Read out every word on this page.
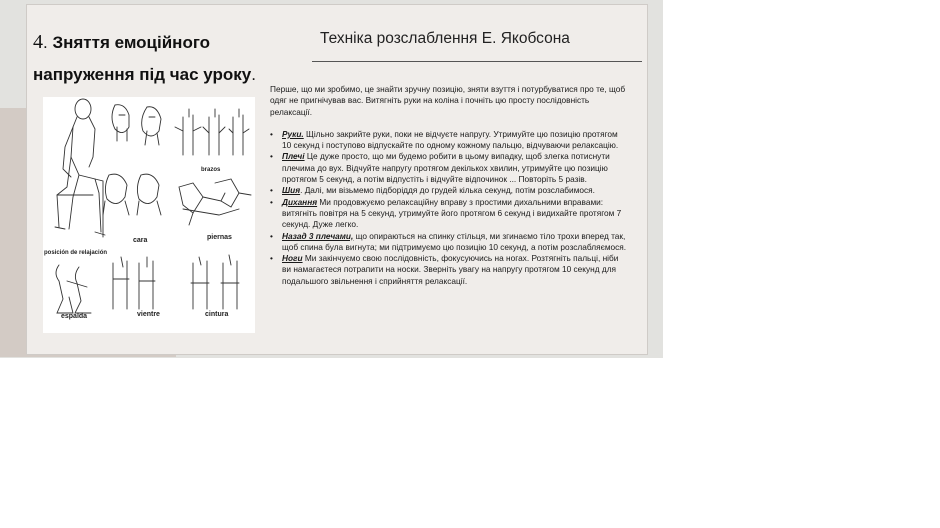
4. Зняття емоційного
напруження під час уроку.
Техніка розслаблення Е. Якобсона
brazos
cara	piernas
posición de relajación
espalda	vientre	cintura

Перше, що ми зробимо, це знайти зручну позицію, зняти взуття і потурбуватися про те, щоб одяг не пригнічував вас. Витягніть руки на коліна і почніть цю просту послідовність релаксації.

• Руки. Щільно закрийте руки, поки не відчуєте напругу. Утримуйте цю позицію протягом 10 секунд і поступово відпускайте по одному кожному пальцю, відчуваючи релаксацію.
• Плечі Це дуже просто, що ми будемо робити в цьому випадку, щоб злегка потиснути плечима до вух. Відчуйте напругу протягом декількох хвилин, утримуйте цю позицію протягом 5 секунд, а потім відпустіть і відчуйте відпочинок ... Повторіть 5 разів.
• Шия. Далі, ми візьмемо підборіддя до грудей кілька секунд, потім розслабимося.
• Дихання Ми продовжуємо релаксаційну вправу з простими дихальними вправами: витягніть повітря на 5 секунд, утримуйте його протягом 6 секунд і видихайте протягом 7 секунд. Дуже легко.
• Назад 3 плечами, що опираються на спинку стільця, ми згинаємо тіло трохи вперед так, щоб спина була вигнута; ми підтримуємо цю позицію 10 секунд, а потім розслабляємося.
• Ноги Ми закінчуємо свою послідовність, фокусуючись на ногах. Розтягніть пальці, ніби ви намагаєтеся потрапити на носки. Зверніть увагу на напругу протягом 10 секунд для подальшого звільнення і сприйняття релаксації.
